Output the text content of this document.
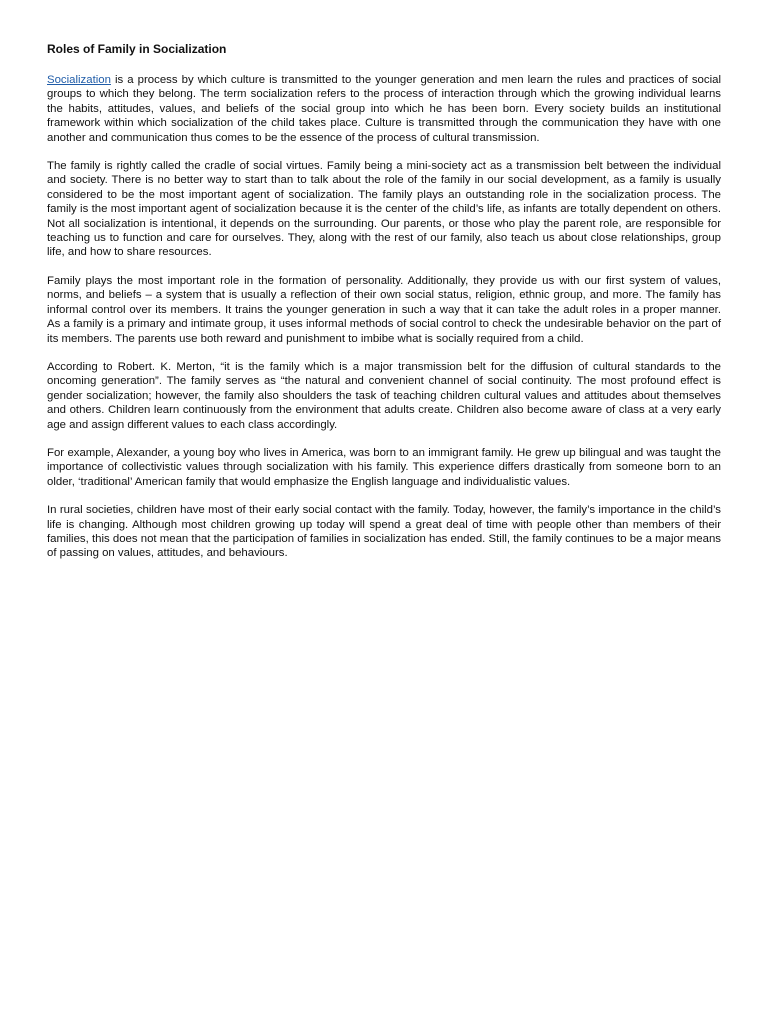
Roles of Family in Socialization

Socialization is a process by which culture is transmitted to the younger generation and men learn the rules and practices of social groups to which they belong. The term socialization refers to the process of interaction through which the growing individual learns the habits, attitudes, values, and beliefs of the social group into which he has been born. Every society builds an institutional framework within which socialization of the child takes place. Culture is transmitted through the communication they have with one another and communication thus comes to be the essence of the process of cultural transmission.

The family is rightly called the cradle of social virtues. Family being a mini-society act as a transmission belt between the individual and society. There is no better way to start than to talk about the role of the family in our social development, as a family is usually considered to be the most important agent of socialization. The family plays an outstanding role in the socialization process. The family is the most important agent of socialization because it is the center of the child’s life, as infants are totally dependent on others. Not all socialization is intentional, it depends on the surrounding. Our parents, or those who play the parent role, are responsible for teaching us to function and care for ourselves. They, along with the rest of our family, also teach us about close relationships, group life, and how to share resources.

Family plays the most important role in the formation of personality. Additionally, they provide us with our first system of values, norms, and beliefs – a system that is usually a reflection of their own social status, religion, ethnic group, and more. The family has informal control over its members. It trains the younger generation in such a way that it can take the adult roles in a proper manner. As a family is a primary and intimate group, it uses informal methods of social control to check the undesirable behavior on the part of its members. The parents use both reward and punishment to imbibe what is socially required from a child.

According to Robert. K. Merton, “it is the family which is a major transmission belt for the diffusion of cultural standards to the oncoming generation”. The family serves as “the natural and convenient channel of social continuity. The most profound effect is gender socialization; however, the family also shoulders the task of teaching children cultural values and attitudes about themselves and others. Children learn continuously from the environment that adults create. Children also become aware of class at a very early age and assign different values to each class accordingly.

For example, Alexander, a young boy who lives in America, was born to an immigrant family. He grew up bilingual and was taught the importance of collectivistic values through socialization with his family. This experience differs drastically from someone born to an older, ‘traditional’ American family that would emphasize the English language and individualistic values.

In rural societies, children have most of their early social contact with the family. Today, however, the family’s importance in the child’s life is changing. Although most children growing up today will spend a great deal of time with people other than members of their families, this does not mean that the participation of families in socialization has ended. Still, the family continues to be a major means of passing on values, attitudes, and behaviours.
